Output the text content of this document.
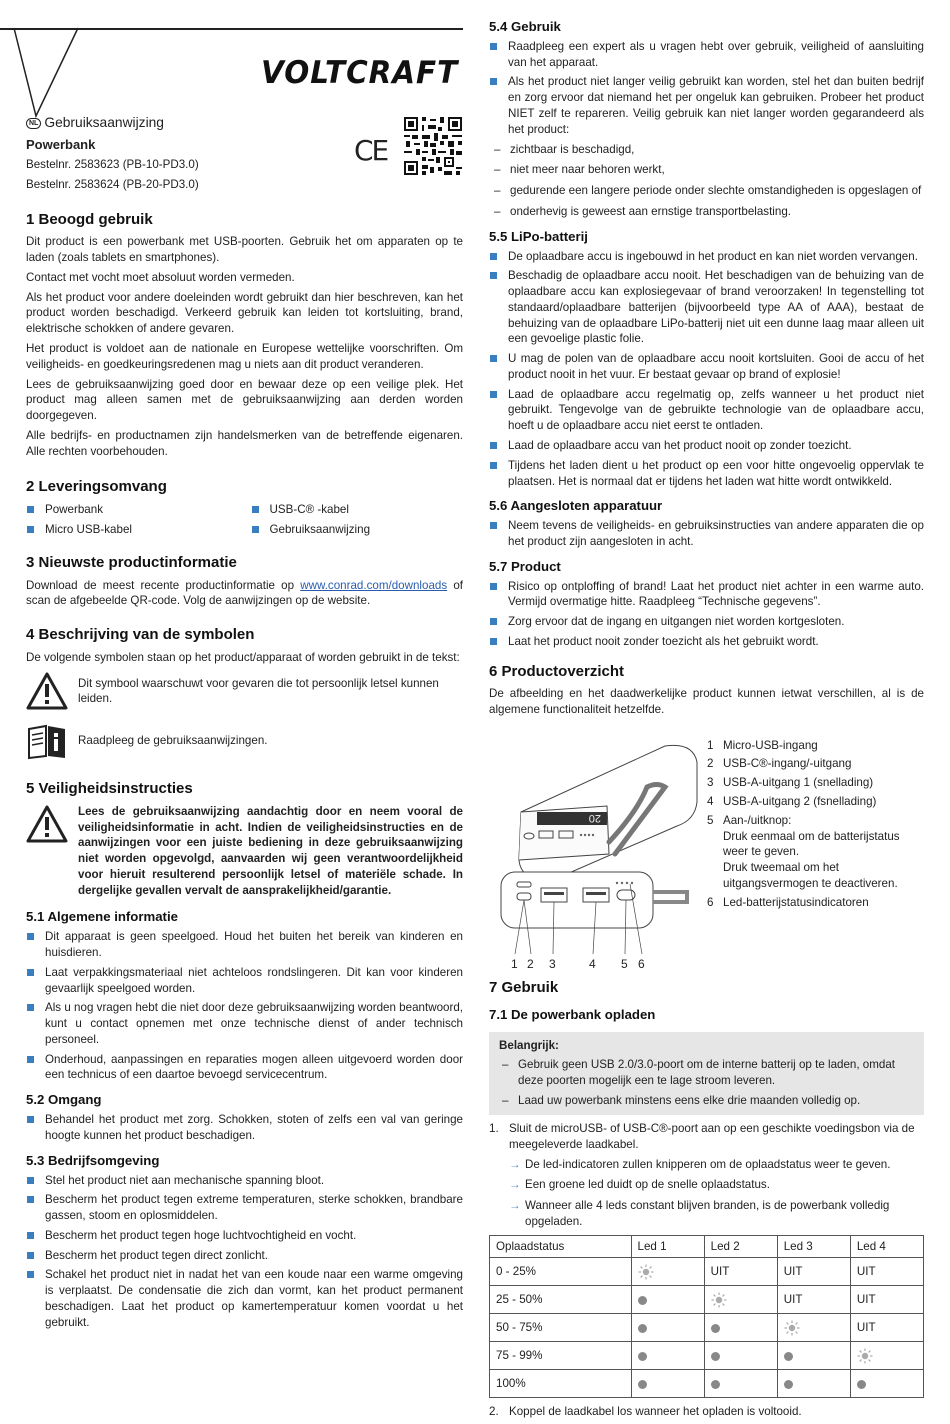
VOLTCRAFT
NL Gebruiksaanwijzing
Powerbank
Bestelnr. 2583623 (PB-10-PD3.0)
Bestelnr. 2583624 (PB-20-PD3.0)
CE
1 Beoogd gebruik

Dit product is een powerbank met USB-poorten. Gebruik het om apparaten op te laden (zoals tablets en smartphones).

Contact met vocht moet absoluut worden vermeden.

Als het product voor andere doeleinden wordt gebruikt dan hier beschreven, kan het product worden beschadigd. Verkeerd gebruik kan leiden tot kortsluiting, brand, elektrische schokken of andere gevaren.

Het product is voldoet aan de nationale en Europese wettelijke voorschriften. Om veiligheids- en goedkeuringsredenen mag u niets aan dit product veranderen.

Lees de gebruiksaanwijzing goed door en bewaar deze op een veilige plek. Het product mag alleen samen met de gebruiksaanwijzing aan derden worden doorgegeven.

Alle bedrijfs- en productnamen zijn handelsmerken van de betreffende eigenaren. Alle rechten voorbehouden.

2 Leveringsomvang
Powerbank	USB-C® -kabel
Micro USB-kabel	Gebruiksaanwijzing
3 Nieuwste productinformatie

Download de meest recente productinformatie op www.conrad.com/downloads of scan de afgebeelde QR-code. Volg de aanwijzingen op de website.

4 Beschrijving van de symbolen

De volgende symbolen staan op het product/apparaat of worden gebruikt in de tekst:

Dit symbool waarschuwt voor gevaren die tot persoonlijk letsel kunnen leiden.
Raadpleeg de gebruiksaanwijzingen.
5 Veiligheidsinstructies
Lees de gebruiksaanwijzing aandachtig door en neem vooral de veiligheidsinformatie in acht. Indien de veiligheidsinstructies en de aanwijzingen voor een juiste bediening in deze gebruiksaanwijzing niet worden opgevolgd, aanvaarden wij geen verantwoordelijkheid voor hieruit resulterend persoonlijk letsel of materiële schade. In dergelijke gevallen vervalt de aansprakelijkheid/garantie.
5.1 Algemene informatie
Dit apparaat is geen speelgoed. Houd het buiten het bereik van kinderen en huisdieren.
Laat verpakkingsmateriaal niet achteloos rondslingeren. Dit kan voor kinderen gevaarlijk speelgoed worden.
Als u nog vragen hebt die niet door deze gebruiksaanwijzing worden beantwoord, kunt u contact opnemen met onze technische dienst of ander technisch personeel.
Onderhoud, aanpassingen en reparaties mogen alleen uitgevoerd worden door een technicus of een daartoe bevoegd servicecentrum.
5.2 Omgang
Behandel het product met zorg. Schokken, stoten of zelfs een val van geringe hoogte kunnen het product beschadigen.
5.3 Bedrijfsomgeving
Stel het product niet aan mechanische spanning bloot.
Bescherm het product tegen extreme temperaturen, sterke schokken, brandbare gassen, stoom en oplosmiddelen.
Bescherm het product tegen hoge luchtvochtigheid en vocht.
Bescherm het product tegen direct zonlicht.
Schakel het product niet in nadat het van een koude naar een warme omgeving is verplaatst. De condensatie die zich dan vormt, kan het product permanent beschadigen. Laat het product op kamertemperatuur komen voordat u het gebruikt.
5.4 Gebruik
Raadpleeg een expert als u vragen hebt over gebruik, veiligheid of aansluiting van het apparaat.
Als het product niet langer veilig gebruikt kan worden, stel het dan buiten bedrijf en zorg ervoor dat niemand het per ongeluk kan gebruiken. Probeer het product NIET zelf te repareren. Veilig gebruik kan niet langer worden gegarandeerd als het product:
– zichtbaar is beschadigd,
– niet meer naar behoren werkt,
– gedurende een langere periode onder slechte omstandigheden is opgeslagen of
– onderhevig is geweest aan ernstige transportbelasting.
5.5 LiPo-batterij
De oplaadbare accu is ingebouwd in het product en kan niet worden vervangen.
Beschadig de oplaadbare accu nooit. Het beschadigen van de behuizing van de oplaadbare accu kan explosiegevaar of brand veroorzaken! In tegenstelling tot standaard/oplaadbare batterijen (bijvoorbeeld type AA of AAA), bestaat de behuizing van de oplaadbare LiPo-batterij niet uit een dunne laag maar alleen uit een gevoelige plastic folie.
U mag de polen van de oplaadbare accu nooit kortsluiten. Gooi de accu of het product nooit in het vuur. Er bestaat gevaar op brand of explosie!
Laad de oplaadbare accu regelmatig op, zelfs wanneer u het product niet gebruikt. Tengevolge van de gebruikte technologie van de oplaadbare accu, hoeft u de oplaadbare accu niet eerst te ontladen.
Laad de oplaadbare accu van het product nooit op zonder toezicht.
Tijdens het laden dient u het product op een voor hitte ongevoelig oppervlak te plaatsen. Het is normaal dat er tijdens het laden wat hitte wordt ontwikkeld.
5.6 Aangesloten apparatuur
Neem tevens de veiligheids- en gebruiksinstructies van andere apparaten die op het product zijn aangesloten in acht.
5.7 Product
Risico op ontploffing of brand! Laat het product niet achter in een warme auto. Vermijd overmatige hitte. Raadpleeg “Technische gegevens”.
Zorg ervoor dat de ingang en uitgangen niet worden kortgesloten.
Laat het product nooit zonder toezicht als het gebruikt wordt.
6 Productoverzicht

De afbeelding en het daadwerkelijke product kunnen ietwat verschillen, al is de algemene functionaliteit hetzelfde.

20
1 2 3	4 5 6
1 Micro-USB-ingang
2 USB-C®-ingang/-uitgang
3 USB-A-uitgang 1 (snellading)
4 USB-A-uitgang 2 (fsnellading)
5 Aan-/uitknop:
Druk eenmaal om de batterijstatus weer te geven.
Druk tweemaal om het uitgangsvermogen te deactiveren.
6 Led-batterijstatusindicatoren
7 Gebruik
7.1 De powerbank opladen
Belangrijk:
– Gebruik geen USB 2.0/3.0-poort om de interne batterij op te laden, omdat deze poorten mogelijk een te lage stroom leveren.
– Laad uw powerbank minstens eens elke drie maanden volledig op.
1. Sluit de microUSB- of USB-C®-poort aan op een geschikte voedingsbon via de meegeleverde laadkabel.
→ De led-indicatoren zullen knipperen om de oplaadstatus weer te geven.
→ Een groene led duidt op de snelle oplaadstatus.
→ Wanneer alle 4 leds constant blijven branden, is de powerbank volledig opgeladen.
Oplaadstatus	Led 1	Led 2	Led 3	Led 4
0 - 25%		UIT	UIT	UIT
25 - 50%			UIT	UIT
50 - 75%				UIT
75 - 99%				
100%				
2. Koppel de laadkabel los wanneer het opladen is voltooid.
